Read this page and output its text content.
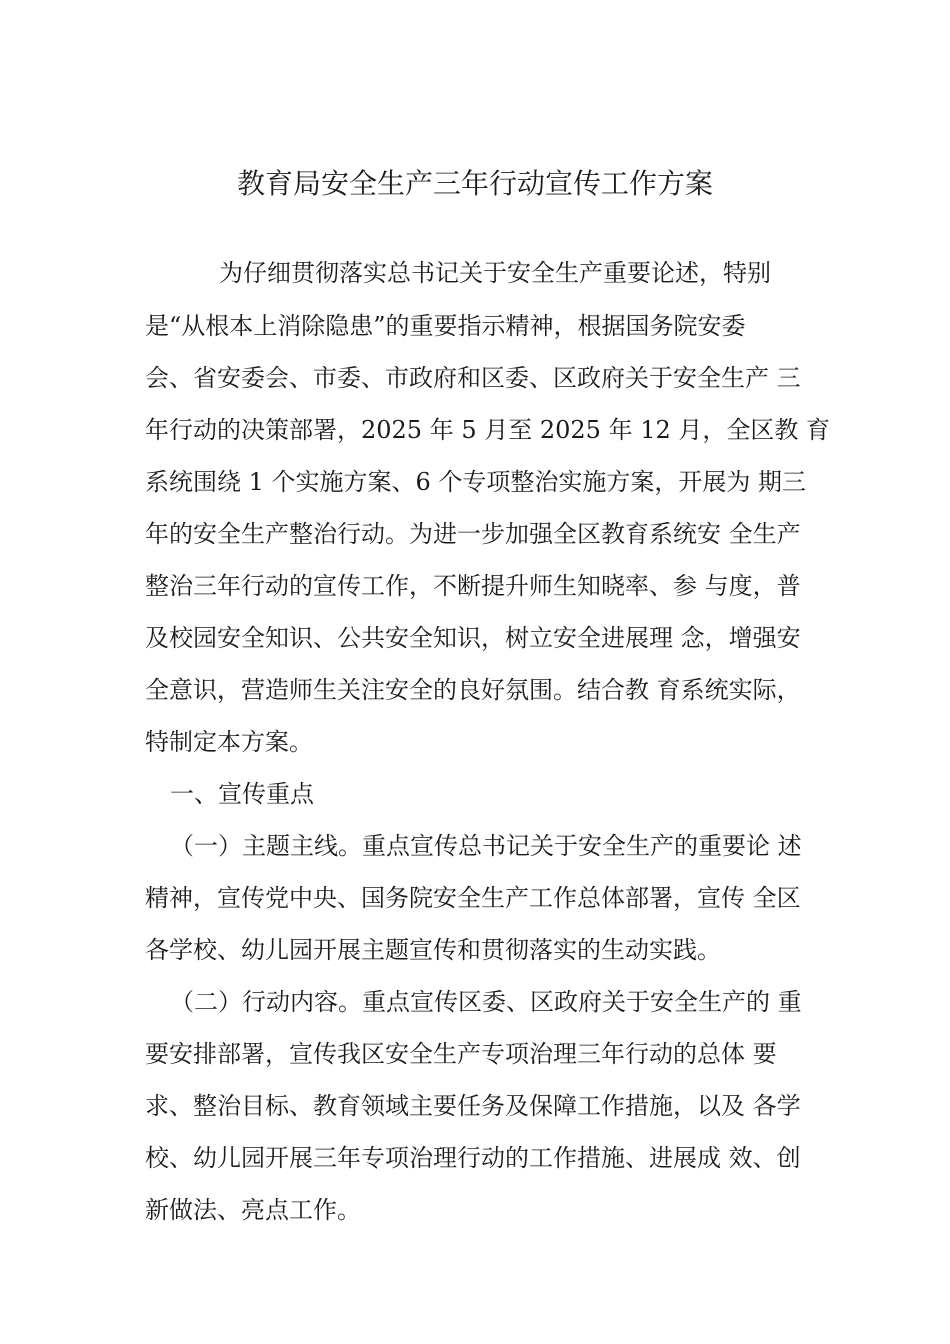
教育局安全生产三年行动宣传工作方案

为仔细贯彻落实总书记关于安全生产重要论述，特别

是“从根本上消除隐患”的重要指示精神，根据国务院安委

会、省安委会、市委、市政府和区委、区政府关于安全生产 三

年行动的决策部署，2025 年 5 月至 2025 年 12 月，全区教 育

系统围绕 1 个实施方案、6 个专项整治实施方案，开展为 期三

年的安全生产整治行动。为进一步加强全区教育系统安 全生产

整治三年行动的宣传工作，不断提升师生知晓率、参 与度，普

及校园安全知识、公共安全知识，树立安全进展理 念，增强安

全意识，营造师生关注安全的良好氛围。结合教 育系统实际，

特制定本方案。

一、宣传重点

（一）主题主线。重点宣传总书记关于安全生产的重要论 述

精神，宣传党中央、国务院安全生产工作总体部署，宣传 全区

各学校、幼儿园开展主题宣传和贯彻落实的生动实践。

（二）行动内容。重点宣传区委、区政府关于安全生产的 重

要安排部署，宣传我区安全生产专项治理三年行动的总体 要

求、整治目标、教育领域主要任务及保障工作措施，以及 各学

校、幼儿园开展三年专项治理行动的工作措施、进展成 效、创

新做法、亮点工作。
